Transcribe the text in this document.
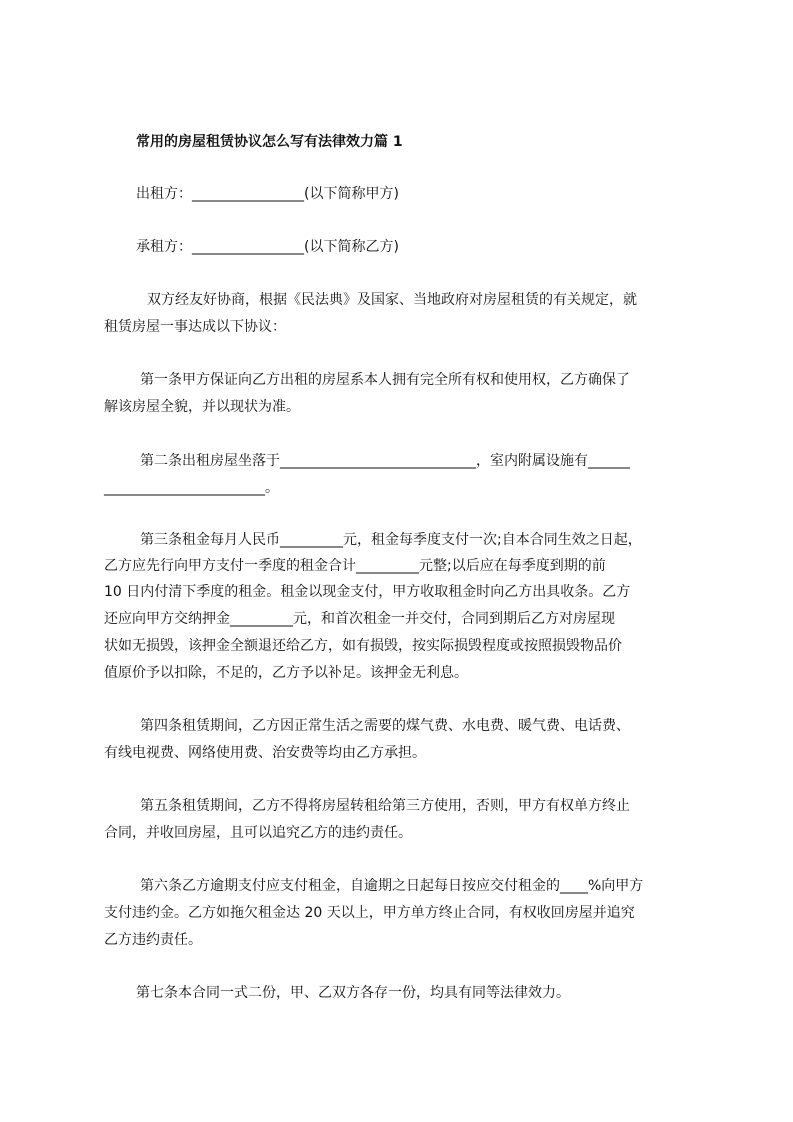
常用的房屋租赁协议怎么写有法律效力篇 1
出租方：________________(以下简称甲方)
承租方：________________(以下简称乙方)
双方经友好协商，根据《民法典》及国家、当地政府对房屋租赁的有关规定，就
租赁房屋一事达成以下协议：
第一条甲方保证向乙方出租的房屋系本人拥有完全所有权和使用权，乙方确保了
解该房屋全貌，并以现状为准。
第二条出租房屋坐落于____________________________，室内附属设施有______
_______________________。
第三条租金每月人民币_________元，租金每季度支付一次;自本合同生效之日起，
乙方应先行向甲方支付一季度的租金合计_________元整;以后应在每季度到期的前
10 日内付清下季度的租金。租金以现金支付，甲方收取租金时向乙方出具收条。乙方
还应向甲方交纳押金_________元，和首次租金一并交付，合同到期后乙方对房屋现
状如无损毁，该押金全额退还给乙方，如有损毁，按实际损毁程度或按照损毁物品价
值原价予以扣除，不足的，乙方予以补足。该押金无利息。
第四条租赁期间，乙方因正常生活之需要的煤气费、水电费、暖气费、电话费、
有线电视费、网络使用费、治安费等均由乙方承担。
第五条租赁期间，乙方不得将房屋转租给第三方使用，否则，甲方有权单方终止
合同，并收回房屋，且可以追究乙方的违约责任。
第六条乙方逾期支付应支付租金，自逾期之日起每日按应交付租金的____%向甲方
支付违约金。乙方如拖欠租金达 20 天以上，甲方单方终止合同，有权收回房屋并追究
乙方违约责任。
第七条本合同一式二份，甲、乙双方各存一份，均具有同等法律效力。
